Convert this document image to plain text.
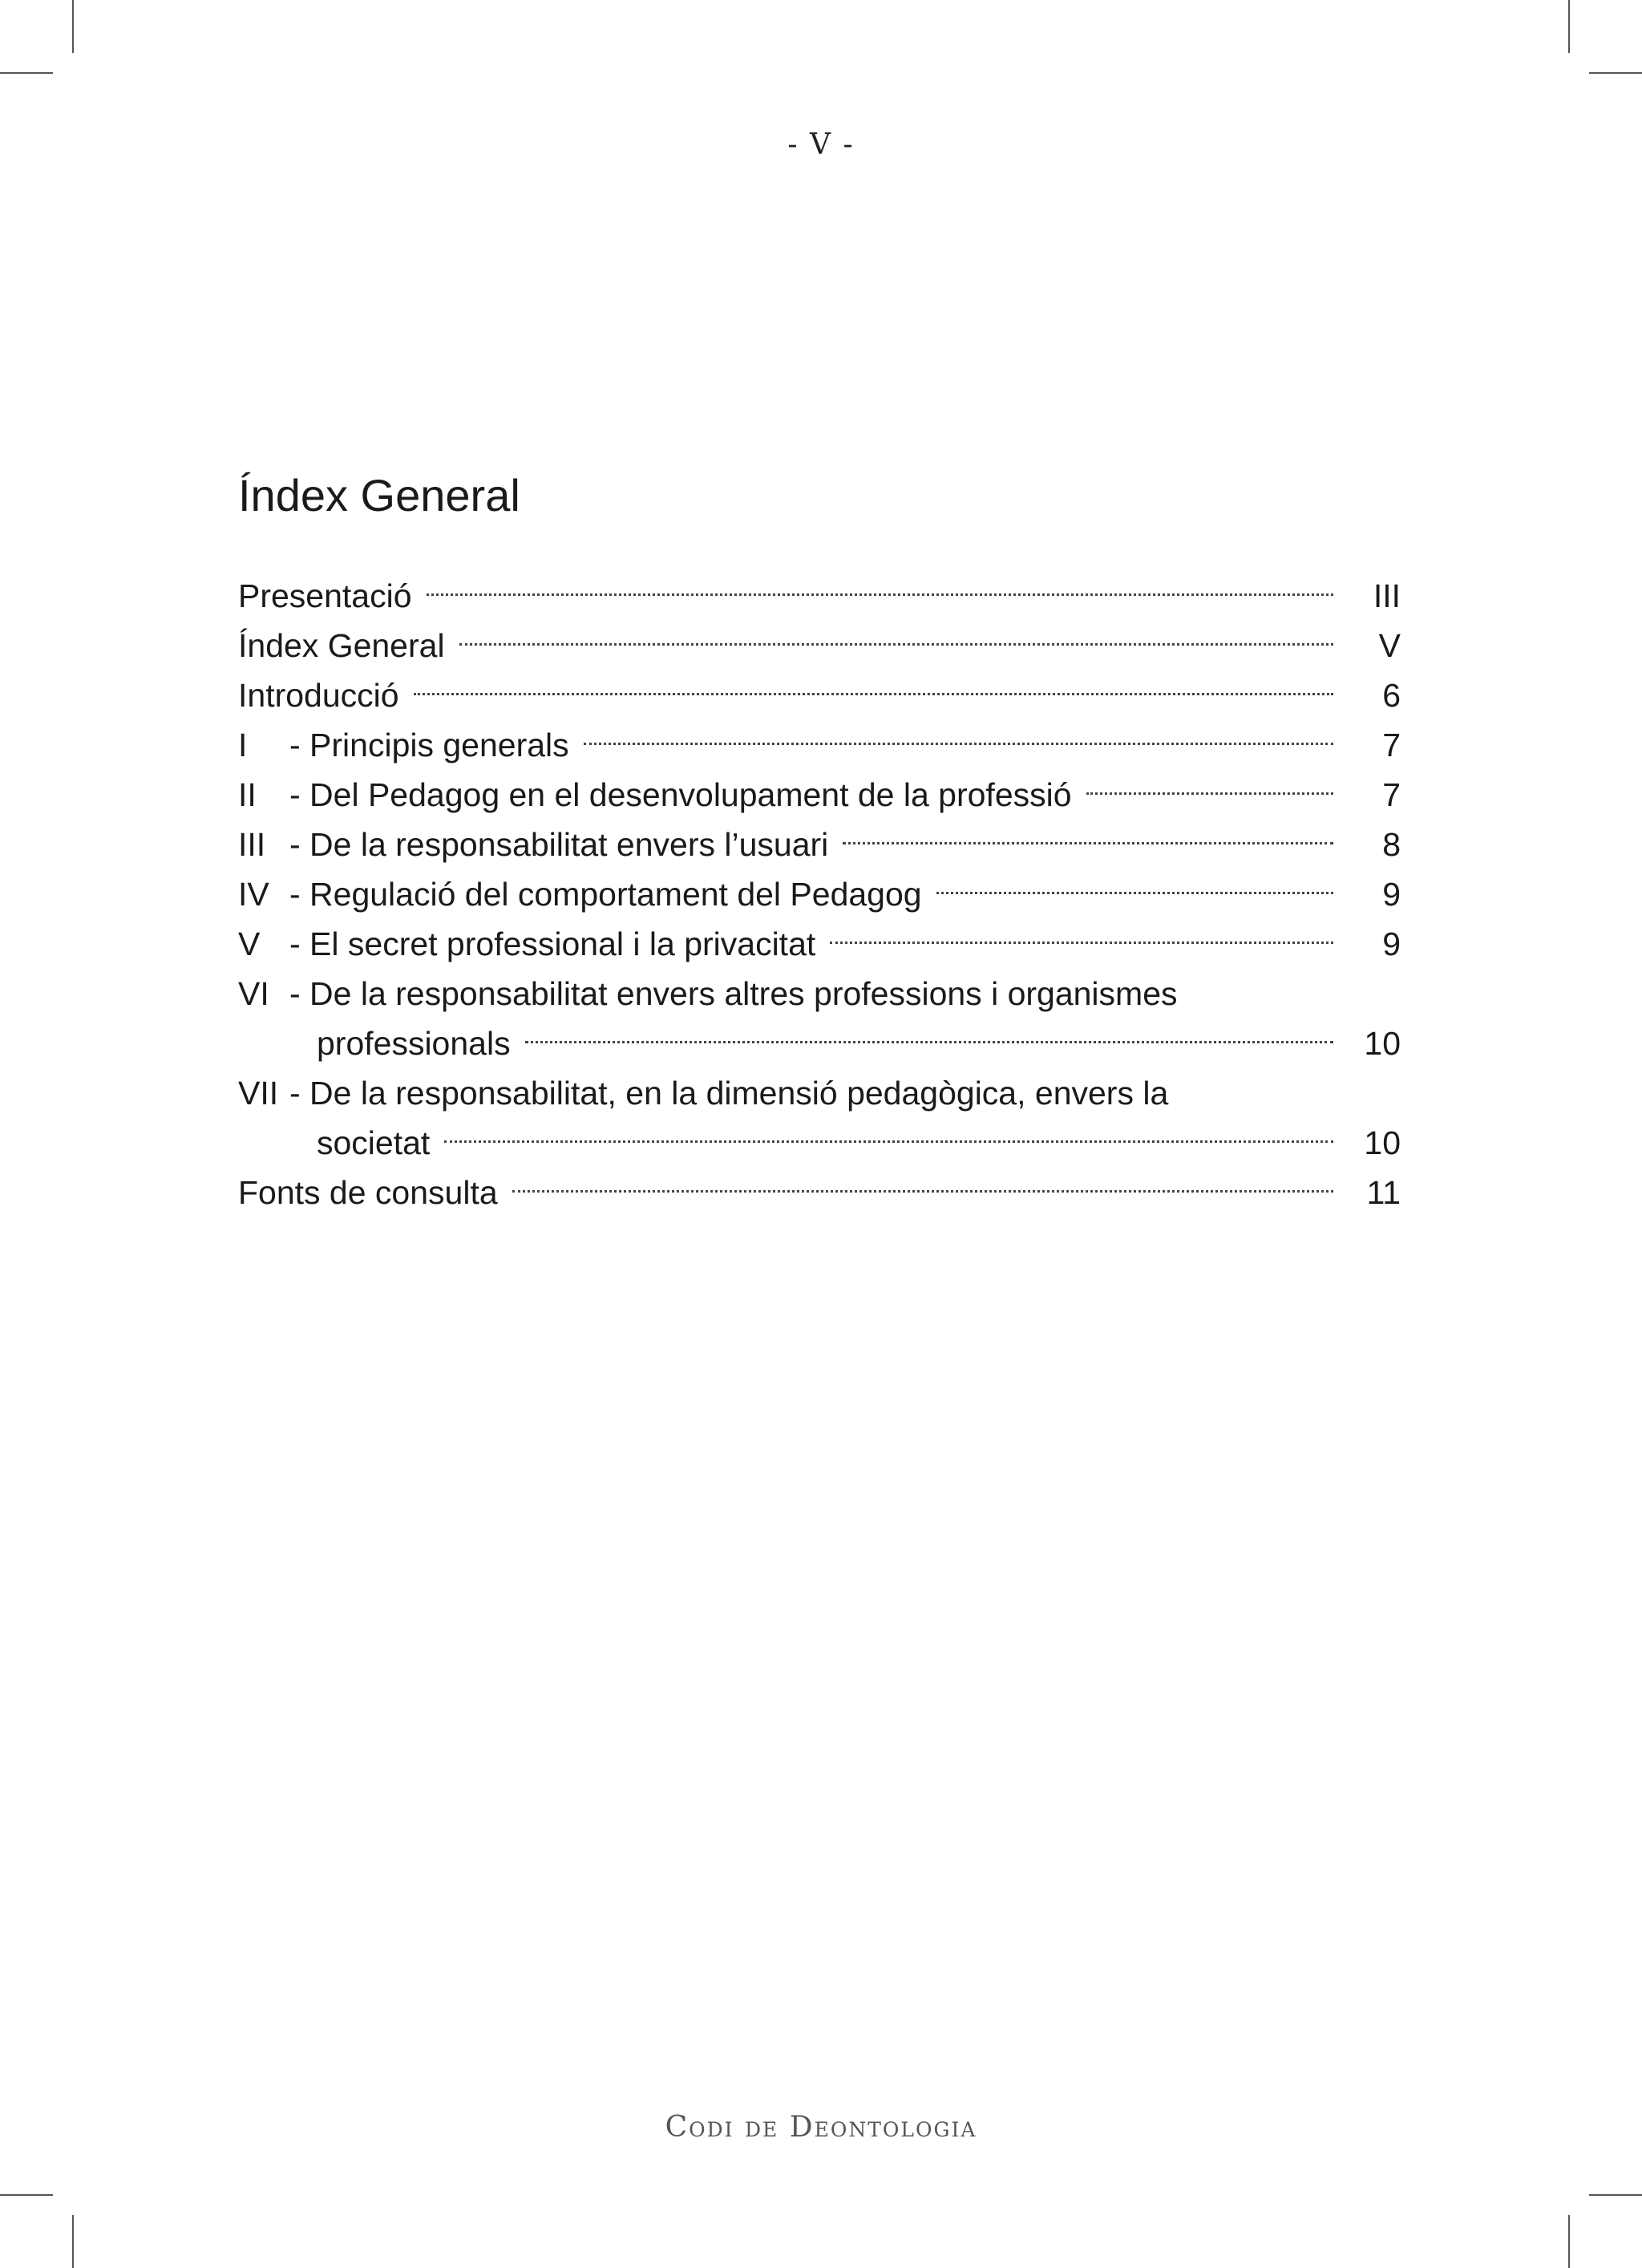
- V -
Índex General
Presentació	III
Índex General	V
Introducció	6
I	- Principis generals	7
II	- Del Pedagog en el desenvolupament de la professió	7
III - De la responsabilitat envers l’usuari	8
IV - Regulació del comportament del Pedagog	9
V - El secret professional i la privacitat	9
VI - De la responsabilitat envers altres professions i organismes
professionals	10
VII - De la responsabilitat, en la dimensió pedagògica, envers la
societat	10
Fonts de consulta	11
Codi de Deontologia
